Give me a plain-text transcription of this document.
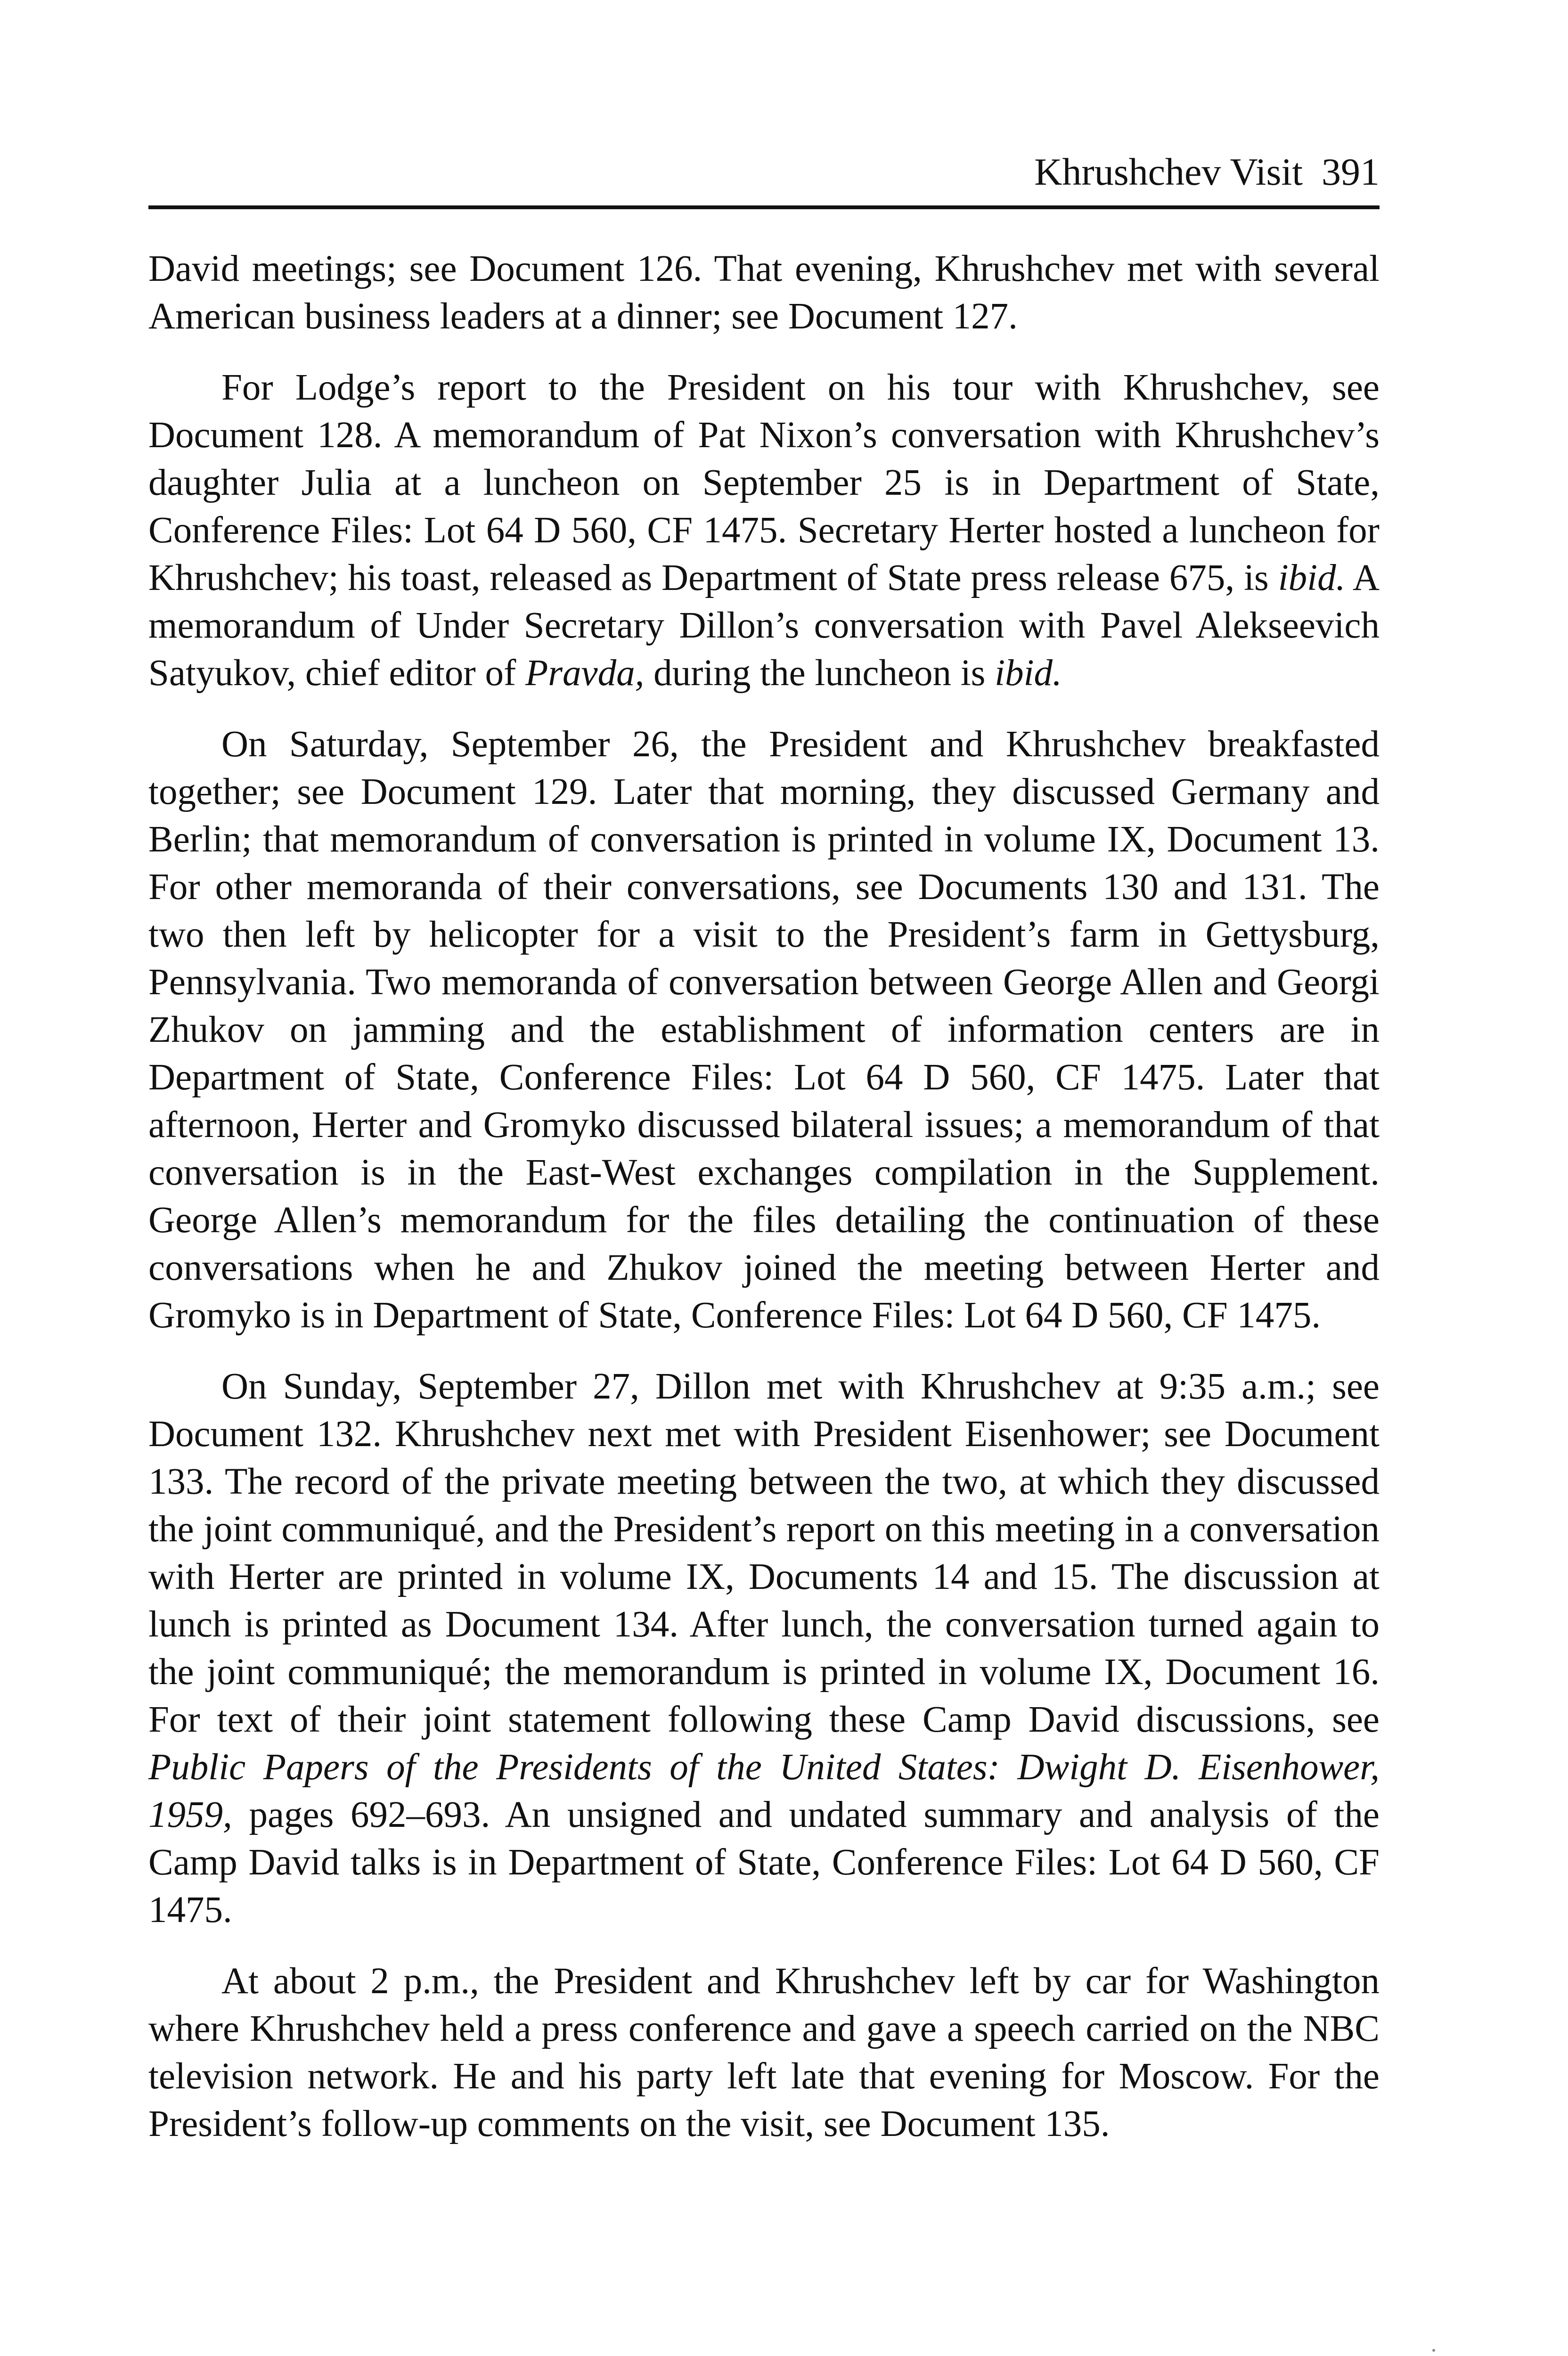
Khrushchev Visit 391

David meetings; see Document 126. That evening, Khrushchev met with several American business leaders at a dinner; see Document 127.

For Lodge’s report to the President on his tour with Khrushchev, see Document 128. A memorandum of Pat Nixon’s conversation with Khrushchev’s daughter Julia at a luncheon on September 25 is in Department of State, Conference Files: Lot 64 D 560, CF 1475. Secretary Herter hosted a luncheon for Khrushchev; his toast, released as Department of State press release 675, is ibid. A memorandum of Under Secretary Dillon’s conversation with Pavel Alekseevich Satyukov, chief editor of Pravda, during the luncheon is ibid.

On Saturday, September 26, the President and Khrushchev breakfasted together; see Document 129. Later that morning, they discussed Germany and Berlin; that memorandum of conversation is printed in volume IX, Document 13. For other memoranda of their conversations, see Documents 130 and 131. The two then left by helicopter for a visit to the President’s farm in Gettysburg, Pennsylvania. Two memoranda of conversation between George Allen and Georgi Zhukov on jamming and the establishment of information centers are in Department of State, Conference Files: Lot 64 D 560, CF 1475. Later that afternoon, Herter and Gromyko discussed bilateral issues; a memorandum of that conversation is in the East-West exchanges compilation in the Supplement. George Allen’s memorandum for the files detailing the continuation of these conversations when he and Zhukov joined the meeting between Herter and Gromyko is in Department of State, Conference Files: Lot 64 D 560, CF 1475.

On Sunday, September 27, Dillon met with Khrushchev at 9:35 a.m.; see Document 132. Khrushchev next met with President Eisenhower; see Document 133. The record of the private meeting between the two, at which they discussed the joint communiqué, and the President’s report on this meeting in a conversation with Herter are printed in volume IX, Documents 14 and 15. The discussion at lunch is printed as Document 134. After lunch, the conversation turned again to the joint communiqué; the memorandum is printed in volume IX, Document 16. For text of their joint statement following these Camp David discussions, see Public Papers of the Presidents of the United States: Dwight D. Eisenhower, 1959, pages 692–693. An unsigned and undated summary and analysis of the Camp David talks is in Department of State, Conference Files: Lot 64 D 560, CF 1475.

At about 2 p.m., the President and Khrushchev left by car for Washington where Khrushchev held a press conference and gave a speech carried on the NBC television network. He and his party left late that evening for Moscow. For the President’s follow-up comments on the visit, see Document 135.
